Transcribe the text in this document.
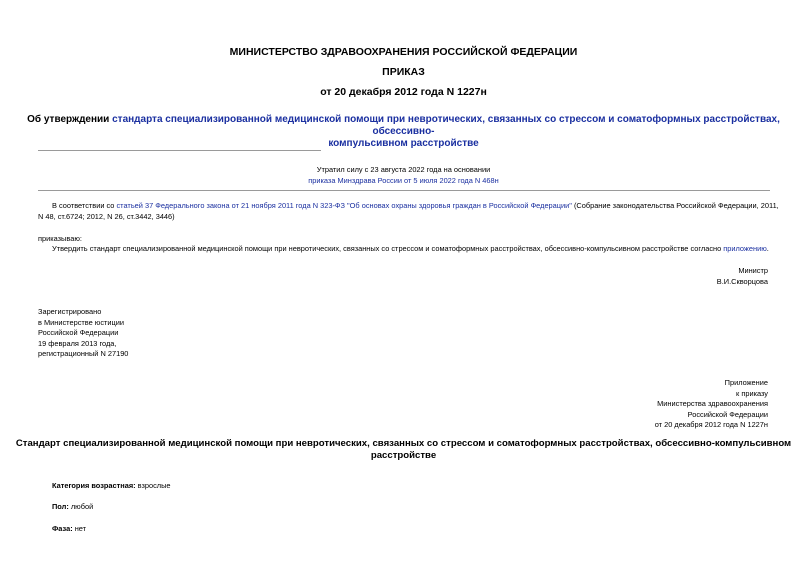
МИНИСТЕРСТВО ЗДРАВООХРАНЕНИЯ РОССИЙСКОЙ ФЕДЕРАЦИИ
ПРИКАЗ
от 20 декабря 2012 года N 1227н
Об утверждении стандарта специализированной медицинской помощи при невротических, связанных со стрессом и соматоформных расстройствах, обсессивно-
компульсивном расстройстве
Утратил силу с 23 августа 2022 года на основании
приказа Минздрава России от 5 июля 2022 года N 468н
В соответствии со статьей 37 Федерального закона от 21 ноября 2011 года N 323-ФЗ "Об основах охраны здоровья граждан в Российской Федерации" (Собрание законодательства Российской Федерации, 2011,
N 48, ст.6724; 2012, N 26, ст.3442, 3446)
приказываю:
Утвердить стандарт специализированной медицинской помощи при невротических, связанных со стрессом и соматоформных расстройствах, обсессивно-компульсивном расстройстве согласно приложению.
Министр
В.И.Скворцова
Зарегистрировано
в Министерстве юстиции
Российской Федерации
19 февраля 2013 года,
регистрационный N 27190
Приложение
к приказу
Министерства здравоохранения
Российской Федерации
от 20 декабря 2012 года N 1227н
Стандарт специализированной медицинской помощи при невротических, связанных со стрессом и соматоформных расстройствах, обсессивно-компульсивном
расстройстве
Категория возрастная: взрослые
Пол: любой
Фаза: нет
